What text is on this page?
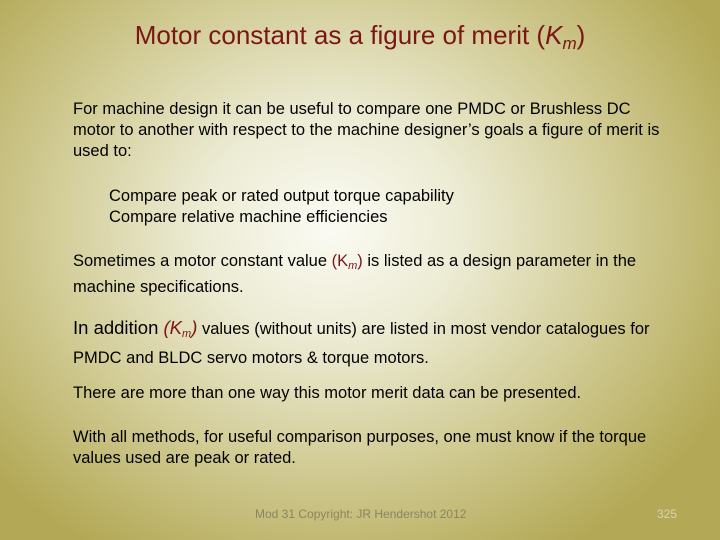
Motor constant as a figure of merit (Km)

For machine design it can be useful to compare one PMDC or Brushless DC motor to another with respect to the machine designer’s goals a figure of merit is used to:

Compare peak or rated output torque capability
Compare relative machine efficiencies

Sometimes a motor constant value $(K_m)$ is listed as a design parameter in the machine specifications.

In addition $(K_m)$ values (without units) are listed in most vendor catalogues for PMDC and BLDC servo motors & torque motors.

There are more than one way this motor merit data can be presented.

With all methods, for useful comparison purposes, one must know if the torque values used are peak or rated.

Mod 31 Copyright: JR Hendershot 2012	325
